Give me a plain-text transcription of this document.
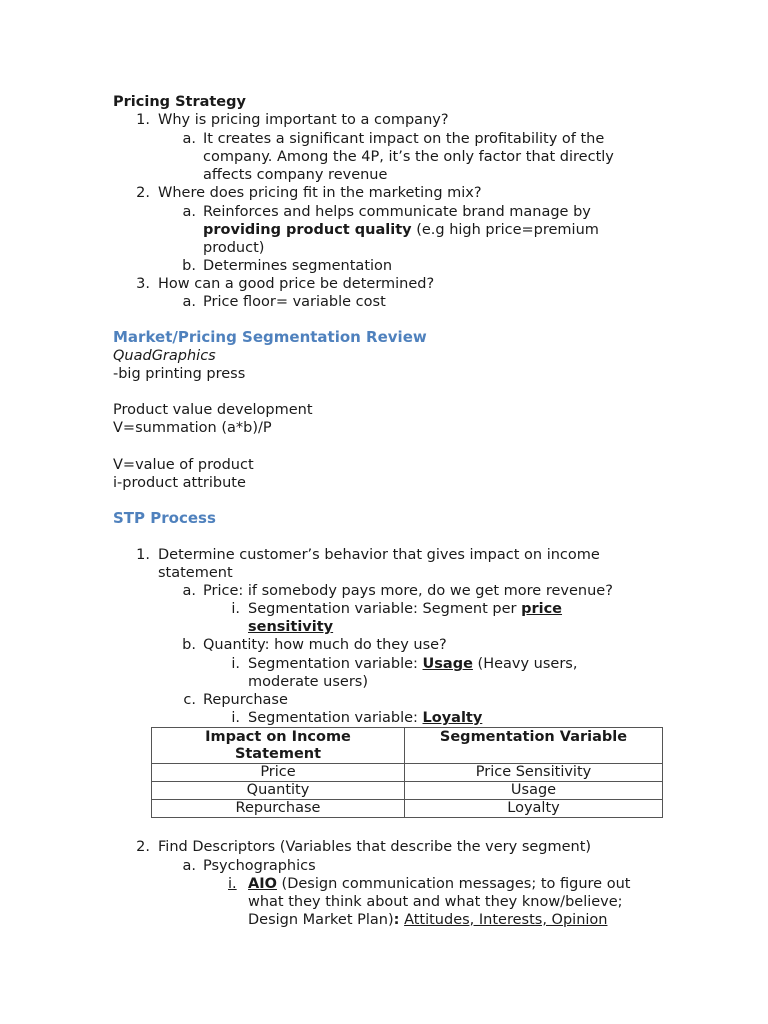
Pricing Strategy
1. Why is pricing important to a company?
a. It creates a significant impact on the profitability of the
company. Among the 4P, it’s the only factor that directly
affects company revenue
2. Where does pricing fit in the marketing mix?
a. Reinforces and helps communicate brand manage by
providing product quality (e.g high price=premium
product)
b. Determines segmentation
3. How can a good price be determined?
a. Price floor= variable cost
Market/Pricing Segmentation Review
QuadGraphics
-big printing press
Product value development
V=summation (a*b)/P
V=value of product
i-product attribute
STP Process
1. Determine customer’s behavior that gives impact on income
statement
a. Price: if somebody pays more, do we get more revenue?
i. Segmentation variable: Segment per price
sensitivity
b. Quantity: how much do they use?
i. Segmentation variable: Usage (Heavy users,
moderate users)
c. Repurchase
i. Segmentation variable: Loyalty
Impact on Income
Statement	Segmentation Variable
Price	Price Sensitivity
Quantity	Usage
Repurchase	Loyalty
2. Find Descriptors (Variables that describe the very segment)
a. Psychographics
i. AIO (Design communication messages; to figure out
what they think about and what they know/believe;
Design Market Plan): Attitudes, Interests, Opinion
